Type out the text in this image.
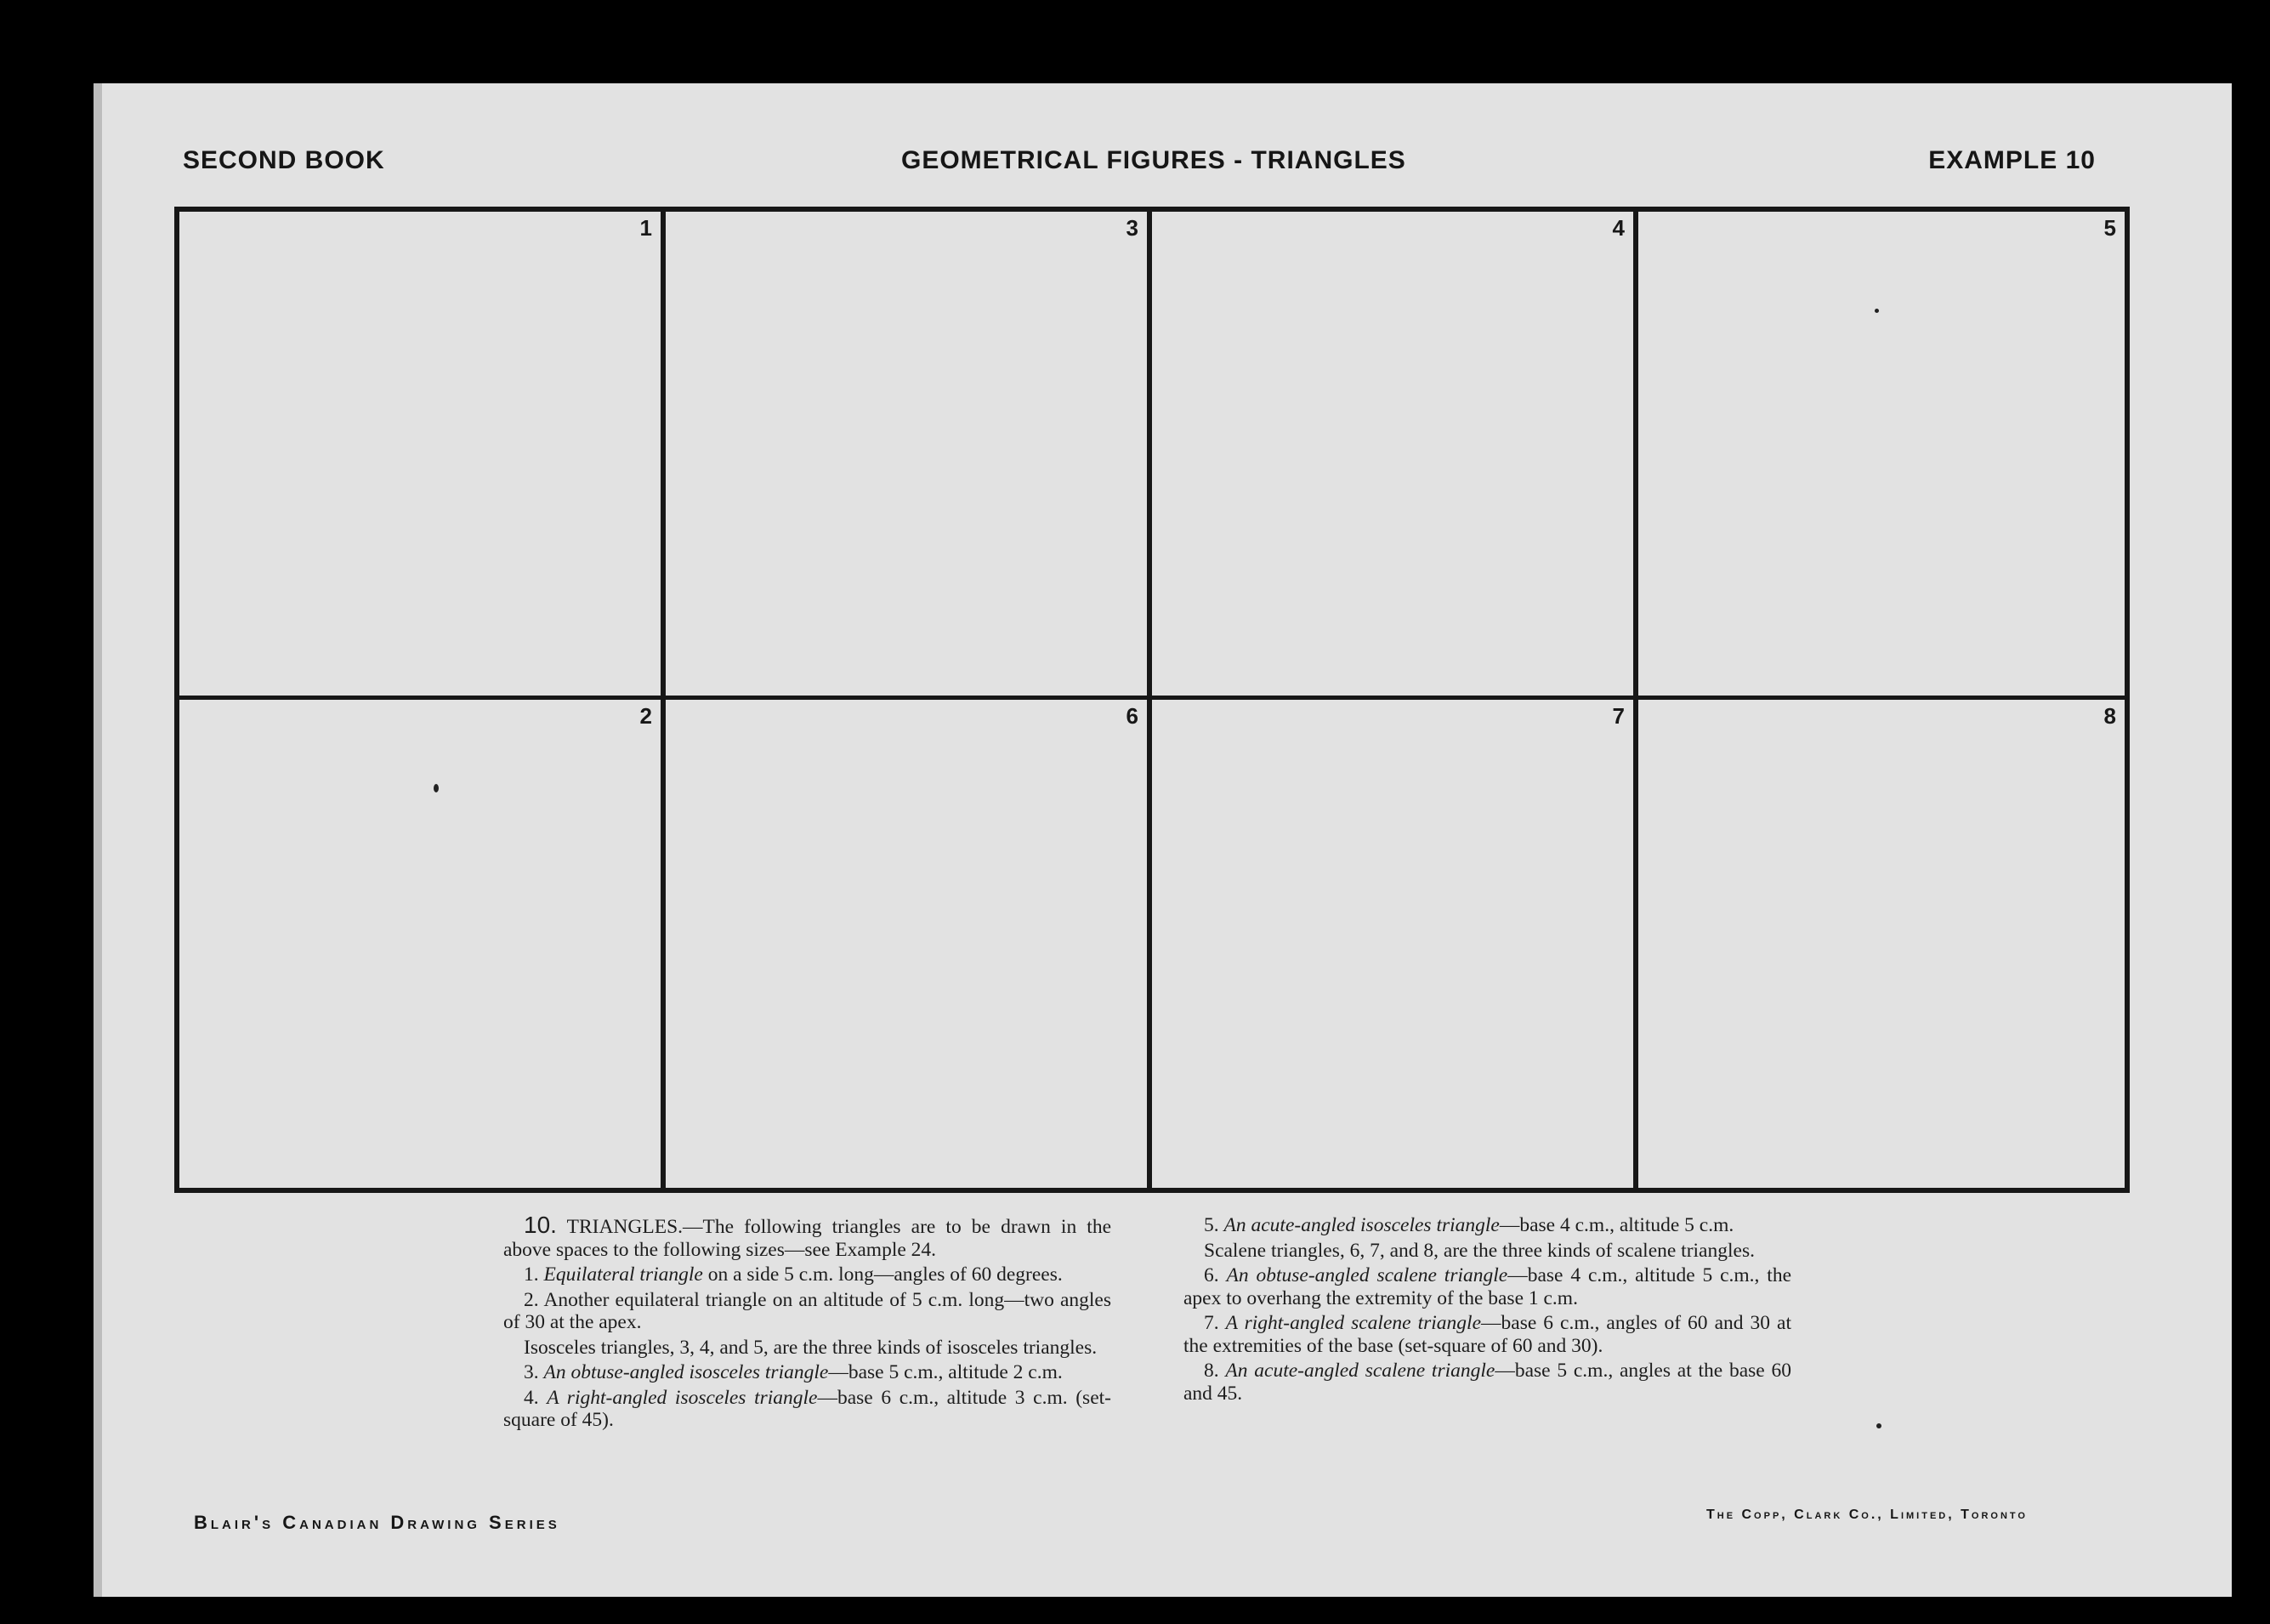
SECOND BOOK	GEOMETRICAL FIGURES - TRIANGLES	EXAMPLE 10
1	3	4	5
2	6	7	8

10. TRIANGLES.—The following triangles are to be drawn in the above spaces to the following sizes—see Example 24.

1. Equilateral triangle on a side 5 c.m. long—angles of 60 degrees.

2. Another equilateral triangle on an altitude of 5 c.m. long—two angles of 30 at the apex.

Isosceles triangles, 3, 4, and 5, are the three kinds of isosceles triangles.

3. An obtuse-angled isosceles triangle—base 5 c.m., altitude 2 c.m.

4. A right-angled isosceles triangle—base 6 c.m., altitude 3 c.m. (set-square of 45).

5. An acute-angled isosceles triangle—base 4 c.m., altitude 5 c.m.

Scalene triangles, 6, 7, and 8, are the three kinds of scalene triangles.

6. An obtuse-angled scalene triangle—base 4 c.m., altitude 5 c.m., the apex to overhang the extremity of the base 1 c.m.

7. A right-angled scalene triangle—base 6 c.m., angles of 60 and 30 at the extremities of the base (set-square of 60 and 30).

8. An acute-angled scalene triangle—base 5 c.m., angles at the base 60 and 45.

Blair's Canadian Drawing Series	The Copp, Clark Co., Limited, Toronto
